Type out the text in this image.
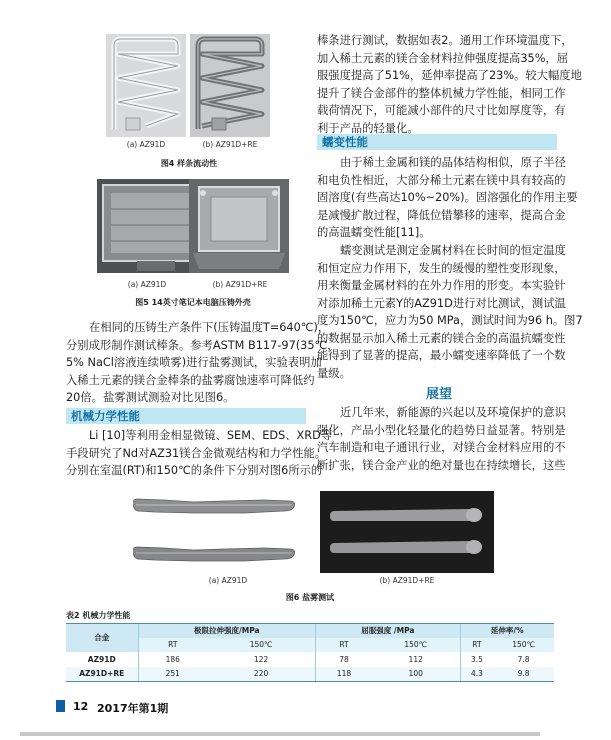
(a) AZ91D	(b) AZ91D+RE
图4 样条流动性
(a) AZ91D	(b) AZ91D+RE
图5 14英寸笔记本电脑压铸外壳
在相同的压铸生产条件下(压铸温度T=640℃)，
分别成形制作测试棒条。参考ASTM B117-97(35℃，
5% NaCl溶液连续喷雾)进行盐雾测试，实验表明加
入稀土元素的镁合金棒条的盐雾腐蚀速率可降低约
20倍。盐雾测试测验对比见图6。
机械力学性能
Li [10]等利用金相显微镜、SEM、EDS、XRD等
手段研究了Nd对AZ31镁合金微观结构和力学性能。
分别在室温(RT)和150℃的条件下分别对图6所示的
棒条进行测试，数据如表2。通用工作环境温度下，
加入稀土元素的镁合金材料拉伸强度提高35%，屈
服强度提高了51%，延伸率提高了23%。较大幅度地
提升了镁合金部件的整体机械力学性能，相同工作
载荷情况下，可能减小部件的尺寸比如厚度等，有
利于产品的轻量化。
蠕变性能
由于稀土金属和镁的晶体结构相似，原子半径
和电负性相近，大部分稀土元素在镁中具有较高的
固溶度(有些高达10%~20%)。固溶强化的作用主要
是减慢扩散过程，降低位错攀移的速率，提高合金
的高温蠕变性能[11]。
蠕变测试是测定金属材料在长时间的恒定温度
和恒定应力作用下，发生的缓慢的塑性变形现象，
用来衡量金属材料的在外力作用的形变。本实验针
对添加稀土元素Y的AZ91D进行对比测试，测试温
度为150℃，应力为50 MPa，测试时间为96 h。图7
的数据显示加入稀土元素的镁合金的高温抗蠕变性
能得到了显著的提高，最小蠕变速率降低了一个数
量级。
展望
近几年来，新能源的兴起以及环境保护的意识
强化，产品小型化轻量化的趋势日益显著。特别是
汽车制造和电子通讯行业，对镁合金材料应用的不
断扩张，镁合金产业的绝对量也在持续增长，这些
(a) AZ91D	(b) AZ91D+RE
图6 盐雾测试
表2 机械力学性能
合金	极限拉伸强度/MPa		屈服强度 /MPa		延伸率/%	
	RT	150℃	RT	150℃	RT	150℃
AZ91D	186	122	78	112	3.5	7.8
AZ91D+RE	251	220	118	100	4.3	9.8
12 2017年第1期
